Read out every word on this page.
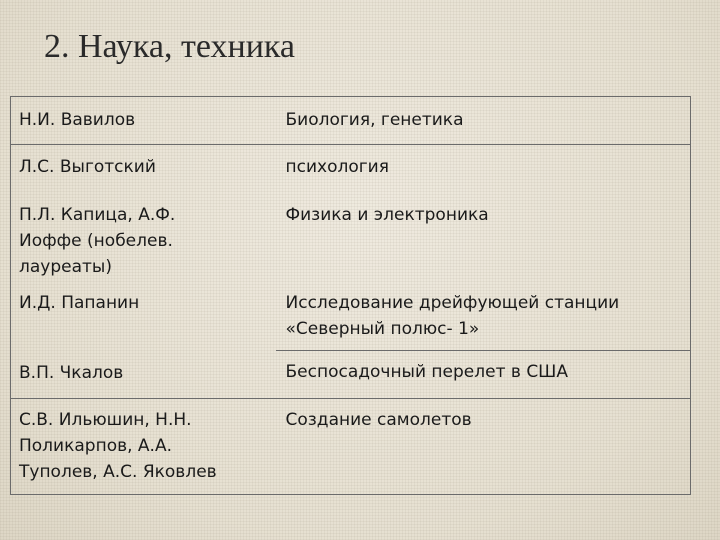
2. Наука, техника
Н.И. Вавилов	Биология, генетика
Л.С. Выготский	психология
П.Л. Капица, А.Ф. Иоффе (нобелев. лауреаты)	Физика и электроника
И.Д. Папанин	Исследование дрейфующей станции «Северный полюс- 1»
В.П. Чкалов	Беспосадочный перелет в США
С.В. Ильюшин, Н.Н. Поликарпов, А.А. Туполев, А.С. Яковлев	Создание самолетов
